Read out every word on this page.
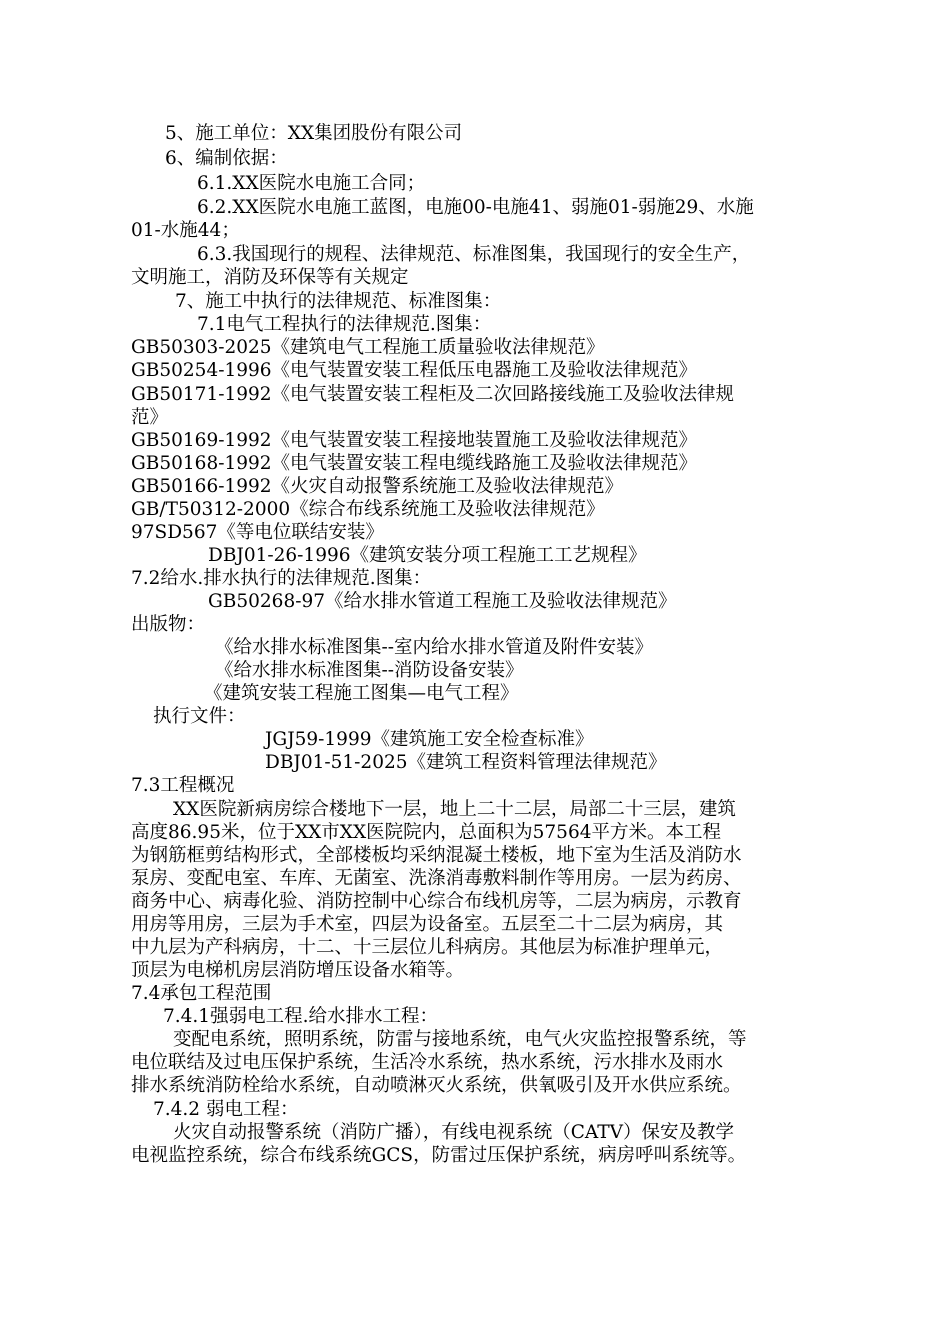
5、施工单位：XX集团股份有限公司
6、编制依据：
6.1.XX医院水电施工合同；
6.2.XX医院水电施工蓝图，电施00-电施41、弱施01-弱施29、水施
01-水施44；
6.3.我国现行的规程、法律规范、标准图集，我国现行的安全生产，
文明施工，消防及环保等有关规定
7、施工中执行的法律规范、标准图集：
7.1电气工程执行的法律规范.图集：
GB50303-2025《建筑电气工程施工质量验收法律规范》
GB50254-1996《电气装置安装工程低压电器施工及验收法律规范》
GB50171-1992《电气装置安装工程柜及二次回路接线施工及验收法律规
范》
GB50169-1992《电气装置安装工程接地装置施工及验收法律规范》
GB50168-1992《电气装置安装工程电缆线路施工及验收法律规范》
GB50166-1992《火灾自动报警系统施工及验收法律规范》
GB/T50312-2000《综合布线系统施工及验收法律规范》
97SD567《等电位联结安装》
DBJ01-26-1996《建筑安装分项工程施工工艺规程》
7.2给水.排水执行的法律规范.图集：
GB50268-97《给水排水管道工程施工及验收法律规范》
出版物：
《给水排水标准图集--室内给水排水管道及附件安装》
《给水排水标准图集--消防设备安装》
《建筑安装工程施工图集—电气工程》
执行文件：
JGJ59-1999《建筑施工安全检查标准》
DBJ01-51-2025《建筑工程资料管理法律规范》
7.3工程概况
XX医院新病房综合楼地下一层，地上二十二层，局部二十三层，建筑
高度86.95米，位于XX市XX医院院内，总面积为57564平方米。本工程
为钢筋框剪结构形式，全部楼板均采纳混凝土楼板，地下室为生活及消防水
泵房、变配电室、车库、无菌室、洗涤消毒敷料制作等用房。一层为药房、
商务中心、病毒化验、消防控制中心综合布线机房等，二层为病房，示教育
用房等用房，三层为手术室，四层为设备室。五层至二十二层为病房，其
中九层为产科病房，十二、十三层位儿科病房。其他层为标准护理单元，
顶层为电梯机房层消防增压设备水箱等。
7.4承包工程范围
7.4.1强弱电工程.给水排水工程：
变配电系统，照明系统，防雷与接地系统，电气火灾监控报警系统，等
电位联结及过电压保护系统，生活冷水系统，热水系统，污水排水及雨水
排水系统消防栓给水系统，自动喷淋灭火系统，供氧吸引及开水供应系统。
7.4.2 弱电工程：
火灾自动报警系统（消防广播），有线电视系统（CATV）保安及教学
电视监控系统，综合布线系统GCS，防雷过压保护系统，病房呼叫系统等。
